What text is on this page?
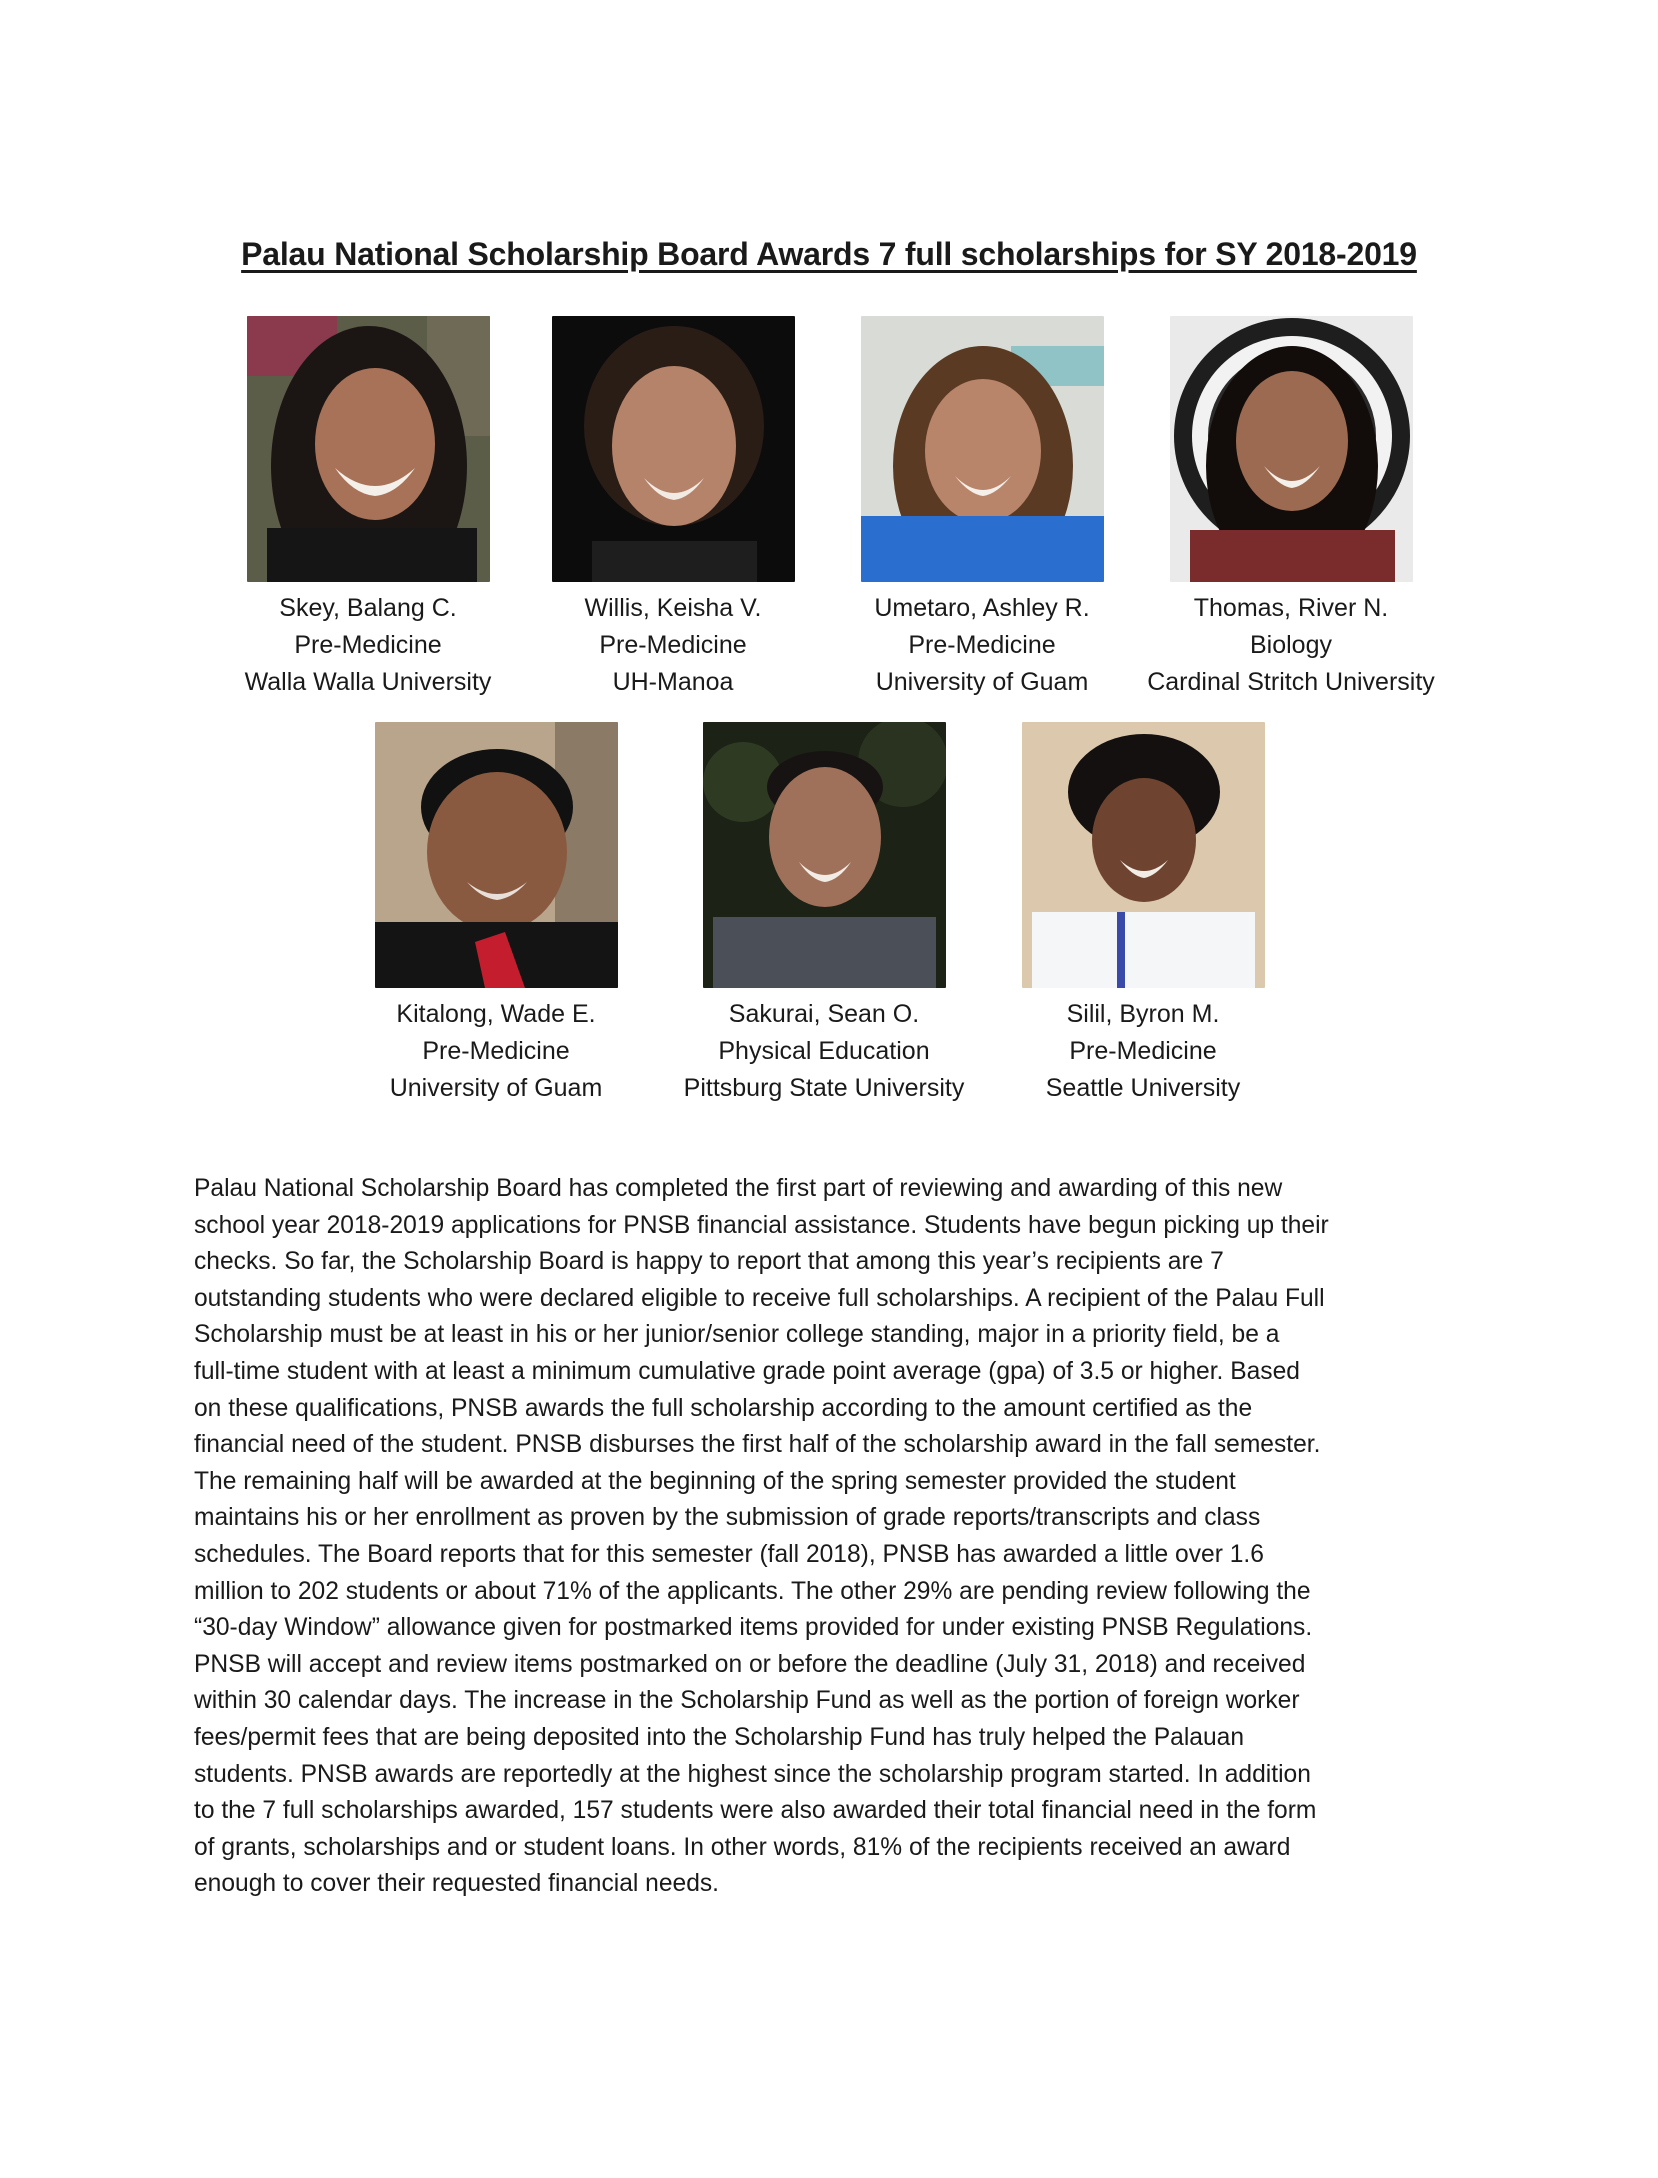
Palau National Scholarship Board Awards 7 full scholarships for SY 2018-2019
Skey, Balang C.
Pre-Medicine
Walla Walla University
Willis, Keisha V.
Pre-Medicine
UH-Manoa
Umetaro, Ashley R.
Pre-Medicine
University of Guam
Thomas, River N.
Biology
Cardinal Stritch University
Kitalong, Wade E.
Pre-Medicine
University of Guam
Sakurai, Sean O.
Physical Education
Pittsburg State University
Silil, Byron M.
Pre-Medicine
Seattle University
Palau National Scholarship Board has completed the first part of reviewing and awarding of this new
school year 2018-2019 applications for PNSB financial assistance. Students have begun picking up their
checks. So far, the Scholarship Board is happy to report that among this year’s recipients are 7
outstanding students who were declared eligible to receive full scholarships. A recipient of the Palau Full
Scholarship must be at least in his or her junior/senior college standing, major in a priority field, be a
full-time student with at least a minimum cumulative grade point average (gpa) of 3.5 or higher. Based
on these qualifications, PNSB awards the full scholarship according to the amount certified as the
financial need of the student. PNSB disburses the first half of the scholarship award in the fall semester.
The remaining half will be awarded at the beginning of the spring semester provided the student
maintains his or her enrollment as proven by the submission of grade reports/transcripts and class
schedules. The Board reports that for this semester (fall 2018), PNSB has awarded a little over 1.6
million to 202 students or about 71% of the applicants. The other 29% are pending review following the
“30-day Window” allowance given for postmarked items provided for under existing PNSB Regulations.
PNSB will accept and review items postmarked on or before the deadline (July 31, 2018) and received
within 30 calendar days. The increase in the Scholarship Fund as well as the portion of foreign worker
fees/permit fees that are being deposited into the Scholarship Fund has truly helped the Palauan
students. PNSB awards are reportedly at the highest since the scholarship program started. In addition
to the 7 full scholarships awarded, 157 students were also awarded their total financial need in the form
of grants, scholarships and or student loans. In other words, 81% of the recipients received an award
enough to cover their requested financial needs.
